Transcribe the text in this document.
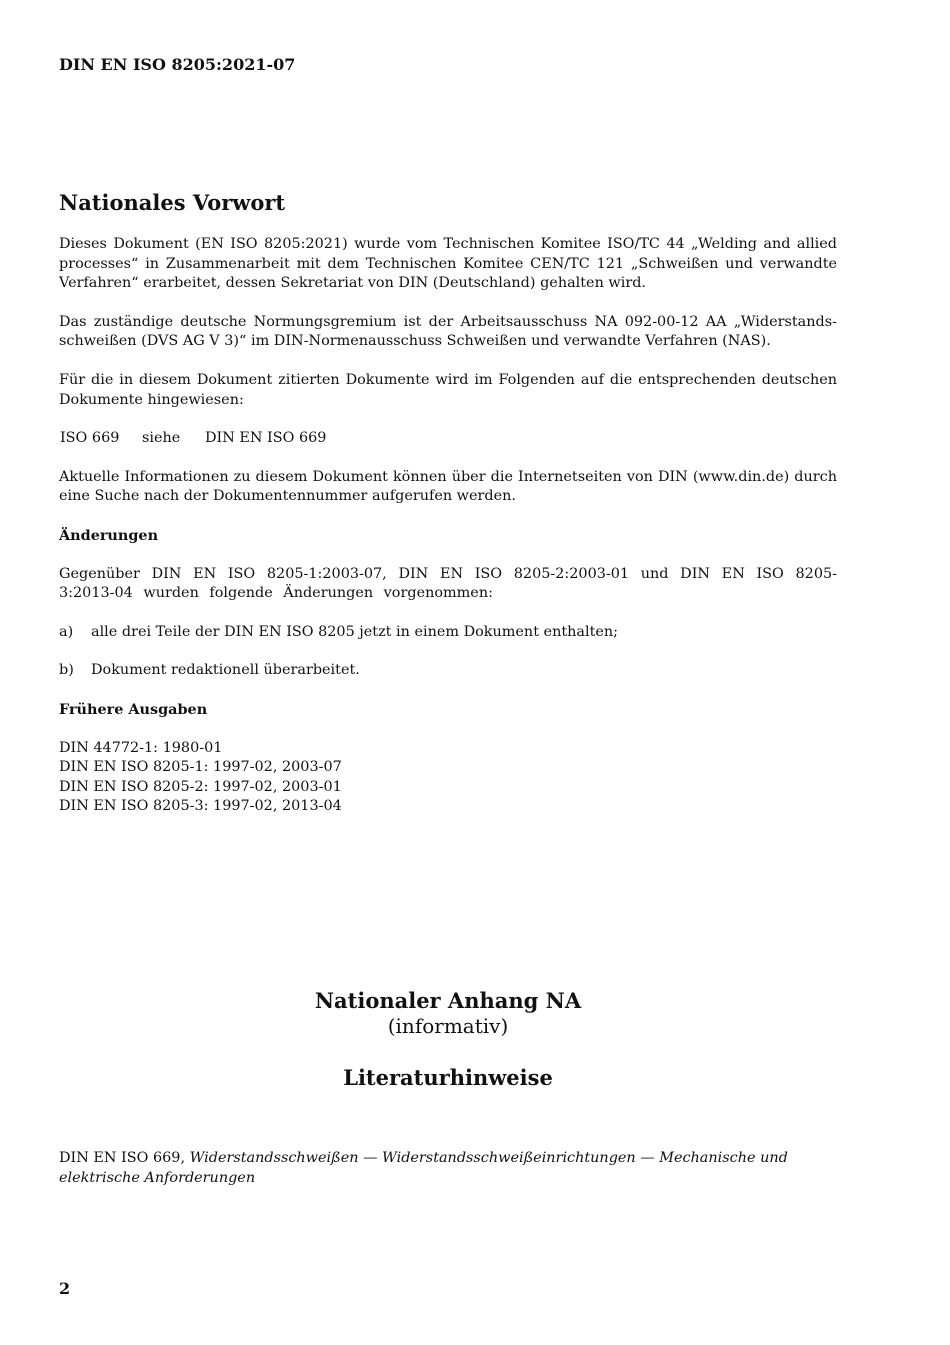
DIN EN ISO 8205:2021-07
Nationales Vorwort

Dieses Dokument (EN ISO 8205:2021) wurde vom Technischen Komitee ISO/TC 44 „Welding and allied processes“ in Zusammenarbeit mit dem Technischen Komitee CEN/TC 121 „Schweißen und verwandte Verfahren“ erarbeitet, dessen Sekretariat von DIN (Deutschland) gehalten wird.

Das zuständige deutsche Normungsgremium ist der Arbeitsausschuss NA 092-00-12 AA „Widerstands-schweißen (DVS AG V 3)“ im DIN-Normenausschuss Schweißen und verwandte Verfahren (NAS).

Für die in diesem Dokument zitierten Dokumente wird im Folgenden auf die entsprechenden deutschen Dokumente hingewiesen:

ISO 669 siehe DIN EN ISO 669

Aktuelle Informationen zu diesem Dokument können über die Internetseiten von DIN (www.din.de) durch eine Suche nach der Dokumentennummer aufgerufen werden.

Änderungen

Gegenüber DIN EN ISO 8205-1:2003-07, DIN EN ISO 8205-2:2003-01 und DIN EN ISO 8205-3:2013-04 wurden folgende Änderungen vorgenommen:

a)	alle drei Teile der DIN EN ISO 8205 jetzt in einem Dokument enthalten;
b)	Dokument redaktionell überarbeitet.
Frühere Ausgaben
DIN 44772-1: 1980-01
DIN EN ISO 8205-1: 1997-02, 2003-07
DIN EN ISO 8205-2: 1997-02, 2003-01
DIN EN ISO 8205-3: 1997-02, 2013-04
Nationaler Anhang NA
(informativ)
Literaturhinweise
DIN EN ISO 669, Widerstandsschweißen — Widerstandsschweißeinrichtungen — Mechanische und elektrische Anforderungen
2
